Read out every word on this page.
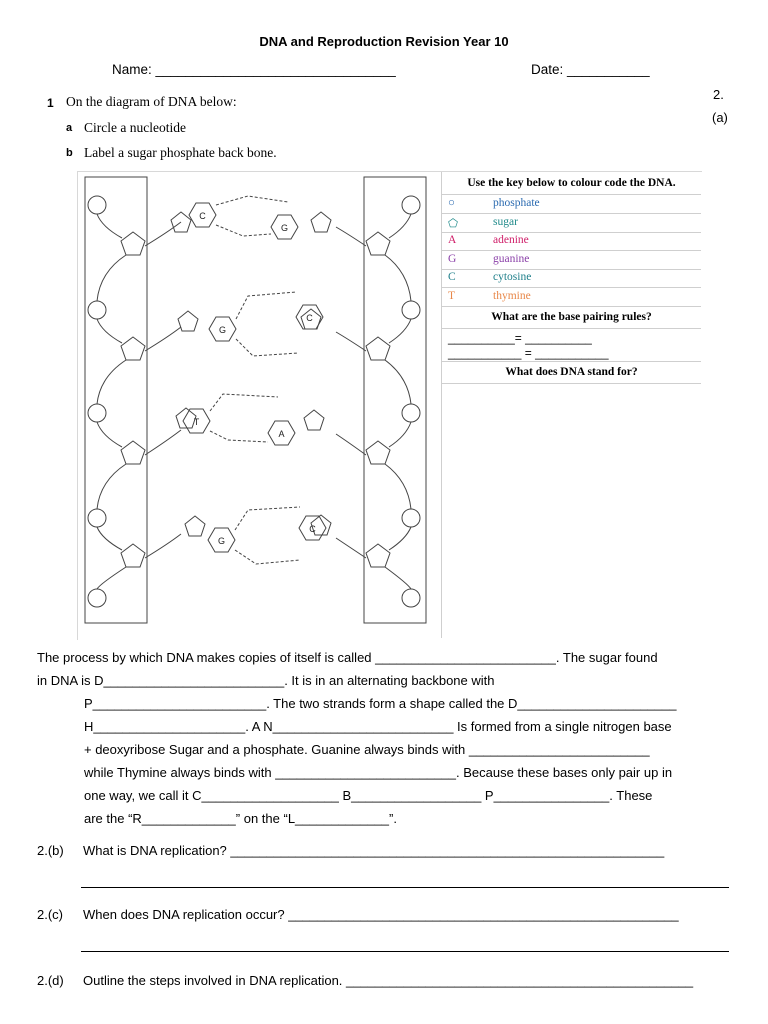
DNA and Reproduction Revision Year 10
Name: ________________________________	Date: ___________
2.
(a)
1 On the diagram of DNA below:
a Circle a nucleotide
b Label a sugar phosphate back bone.
C
G
G
C
T
A
G
C
Use the key below to colour code the DNA.
○	phosphate
⬠	sugar
A	adenine
G	guanine
C	cytosine
T	thymine
What are the base pairing rules?
__________= __________
___________ = ___________
What does DNA stand for?
The process by which DNA makes copies of itself is called _________________________. The sugar found
in DNA is D_________________________. It is in an alternating backbone with
P________________________. The two strands form a shape called the D______________________
H_____________________. A N_________________________ Is formed from a single nitrogen base
+ deoxyribose Sugar and a phosphate. Guanine always binds with _________________________
while Thymine always binds with _________________________. Because these bases only pair up in
one way, we call it C___________________ B__________________ P________________. These
are the “R_____________” on the “L_____________”.
2.(b) What is DNA replication? ____________________________________________________________
2.(c) When does DNA replication occur? ______________________________________________________
2.(d) Outline the steps involved in DNA replication. ________________________________________________
